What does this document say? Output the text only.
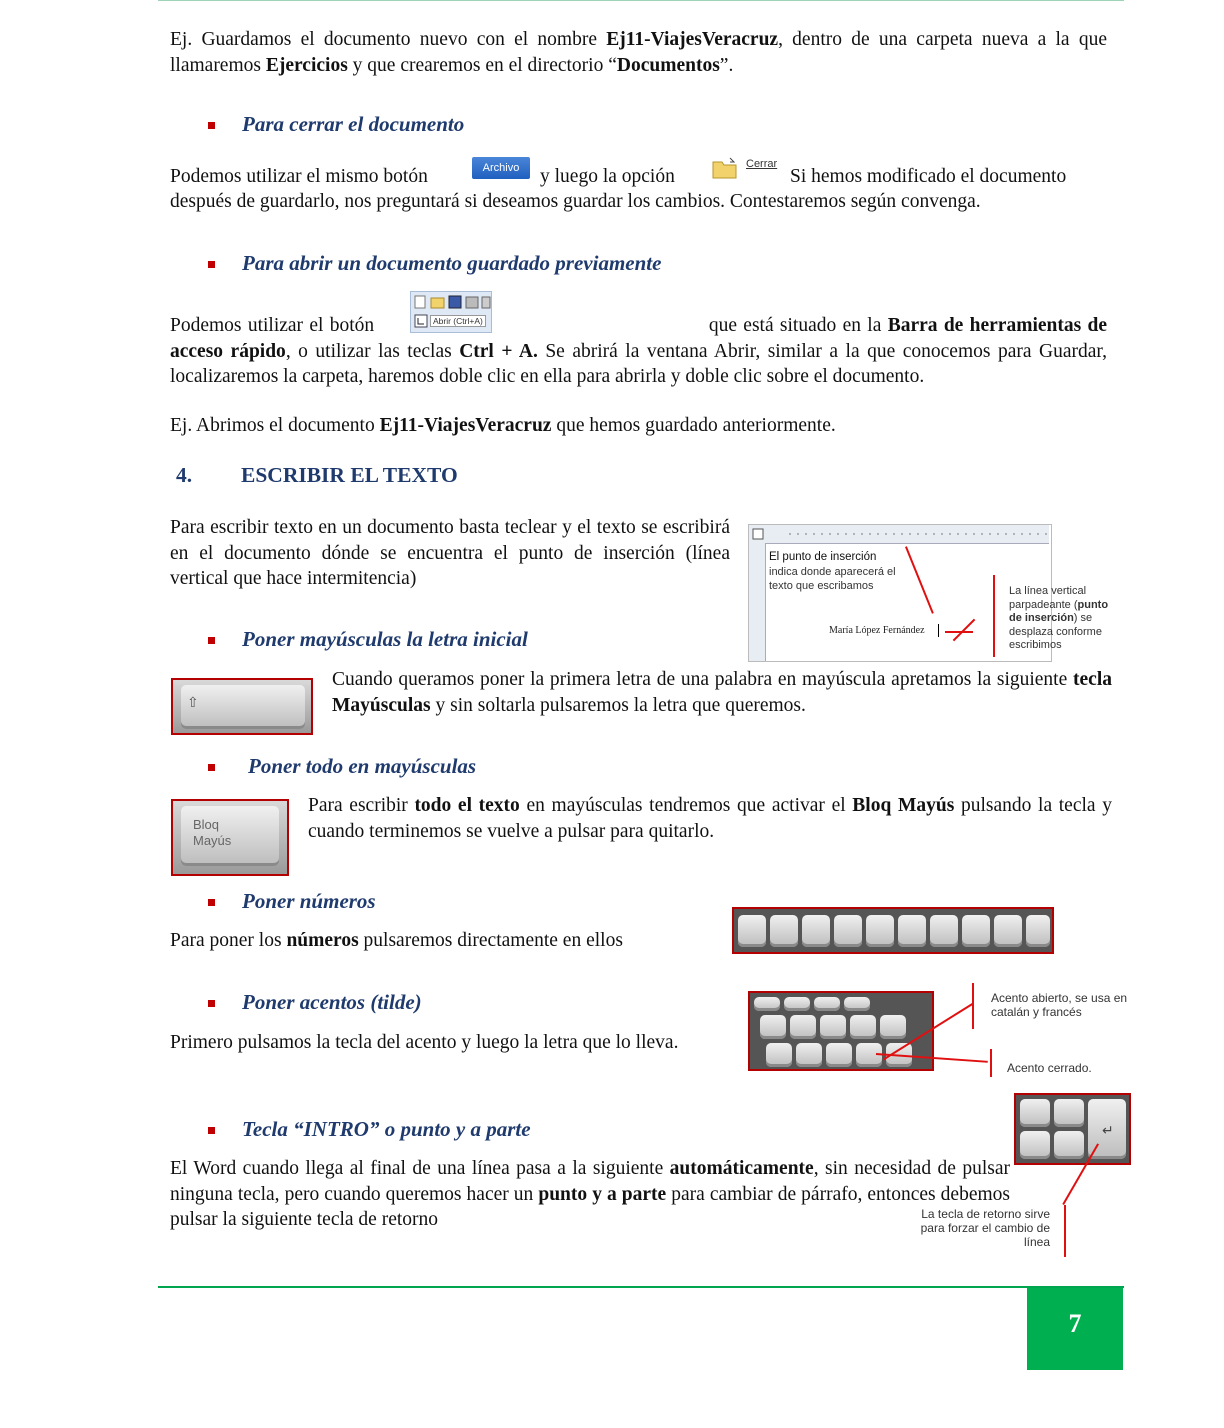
Ej. Guardamos el documento nuevo con el nombre Ej11-ViajesVeracruz, dentro de una carpeta nueva a la que llamaremos Ejercicios y que crearemos en el directorio “Documentos”.

Para cerrar el documento
Podemos utilizar el mismo botón	Archivo	y luego la opción
Cerrar
Si hemos modificado el documento
después de guardarlo, nos preguntará si deseamos guardar los cambios. Contestaremos según convenga.
Para abrir un documento guardado previamente
Abrir (Ctrl+A)

Podemos utilizar el botón	que está situado en la Barra de herramientas de acceso rápido, o utilizar las teclas Ctrl + A. Se abrirá la ventana Abrir, similar a la que conocemos para Guardar, localizaremos la carpeta, haremos doble clic en ella para abrirla y doble clic sobre el documento.

Ej. Abrimos el documento Ej11-ViajesVeracruz que hemos guardado anteriormente.

4. ESCRIBIR EL TEXTO

Para escribir texto en un documento basta teclear y el texto se escribirá en el documento dónde se encuentra el punto de inserción (línea vertical que hace intermitencia)

El punto de inserción
indica donde aparecerá el texto que escribamos
María López Fernández
La línea vertical parpadeante (punto de inserción) se desplaza conforme escribimos
Poner mayúsculas la letra inicial
⇧

Cuando queramos poner la primera letra de una palabra en mayúscula apretamos la siguiente tecla Mayúsculas y sin soltarla pulsaremos la letra que queremos.

Poner todo en mayúsculas
Bloq
Mayús

Para escribir todo el texto en mayúsculas tendremos que activar el Bloq Mayús pulsando la tecla y cuando terminemos se vuelve a pulsar para quitarlo.

Poner números

Para poner los números pulsaremos directamente en ellos

Poner acentos (tilde)

Primero pulsamos la tecla del acento y luego la letra que lo lleva.

Acento abierto, se usa en catalán y francés
Acento cerrado.
Tecla “INTRO” o punto y a parte	↵
La tecla de retorno sirve para forzar el cambio de línea

El Word cuando llega al final de una línea pasa a la siguiente automáticamente, sin necesidad de pulsar ninguna tecla, pero cuando queremos hacer un punto y a parte para cambiar de párrafo, entonces debemos pulsar la siguiente tecla de retorno

7
